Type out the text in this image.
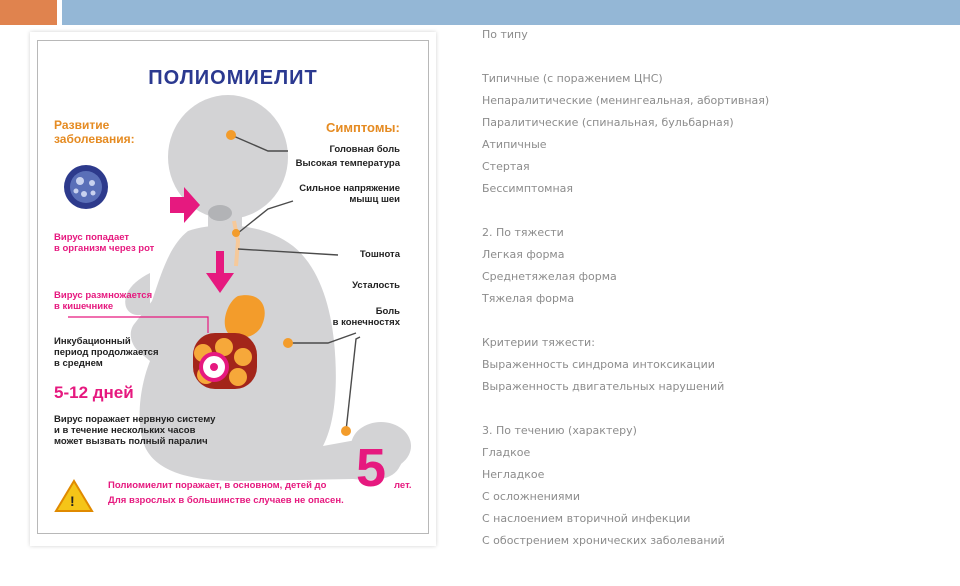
ПОЛИОМИЕЛИТ
Развитие
заболевания:
Симптомы:
Головная боль
Высокая температура
Сильное напряжение
мышц шеи
Тошнота
Усталость
Боль
в конечностях
Вирус попадает
в организм через рот
Вирус размножается
в кишечнике
Инкубационный
период продолжается
в среднем
5-12 дней
Вирус поражает нервную систему
и в течение нескольких часов
может вызвать полный паралич
Полиомиелит поражает, в основном, детей до 5 лет.
Для взрослых в большинстве случаев не опасен.
!
По типу
Типичные (с поражением ЦНС)
Непаралитические (менингеальная, абортивная)
Паралитические (спинальная, бульбарная)
Атипичные
Стертая
Бессимптомная
2. По тяжести
Легкая форма
Среднетяжелая форма
Тяжелая форма
Критерии тяжести:
Выраженность синдрома интоксикации
Выраженность двигательных нарушений
3. По течению (характеру)
Гладкое
Негладкое
С осложнениями
С наслоением вторичной инфекции
С обострением хронических заболеваний
